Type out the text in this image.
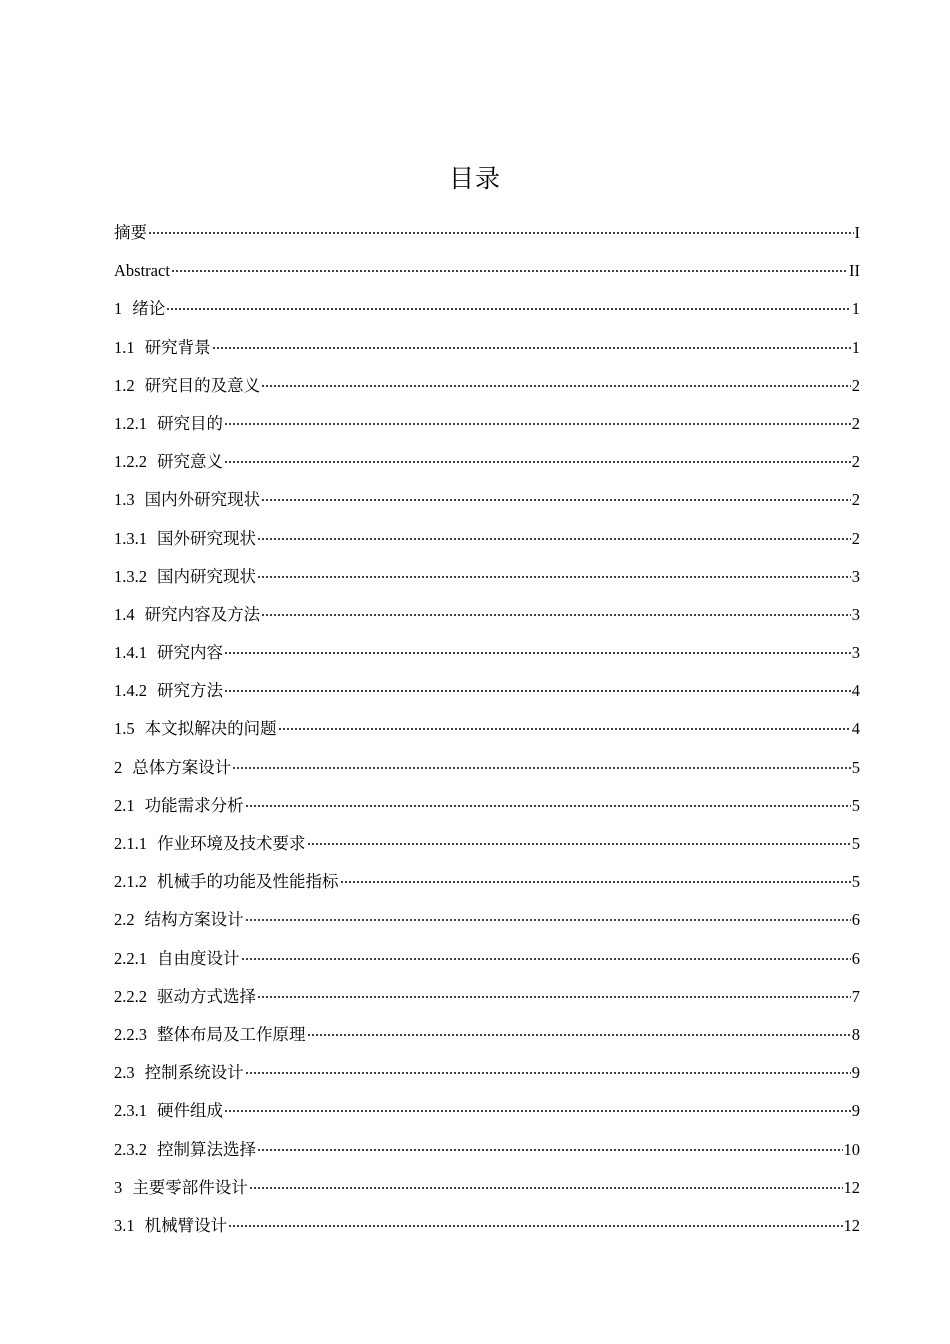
目录
摘要	I
Abstract	II
1 绪论	1
1.1 研究背景	1
1.2 研究目的及意义	2
1.2.1 研究目的	2
1.2.2 研究意义	2
1.3 国内外研究现状	2
1.3.1 国外研究现状	2
1.3.2 国内研究现状	3
1.4 研究内容及方法	3
1.4.1 研究内容	3
1.4.2 研究方法	4
1.5 本文拟解决的问题	4
2 总体方案设计	5
2.1 功能需求分析	5
2.1.1 作业环境及技术要求	5
2.1.2 机械手的功能及性能指标	5
2.2 结构方案设计	6
2.2.1 自由度设计	6
2.2.2 驱动方式选择	7
2.2.3 整体布局及工作原理	8
2.3 控制系统设计	9
2.3.1 硬件组成	9
2.3.2 控制算法选择	10
3 主要零部件设计	12
3.1 机械臂设计	12
